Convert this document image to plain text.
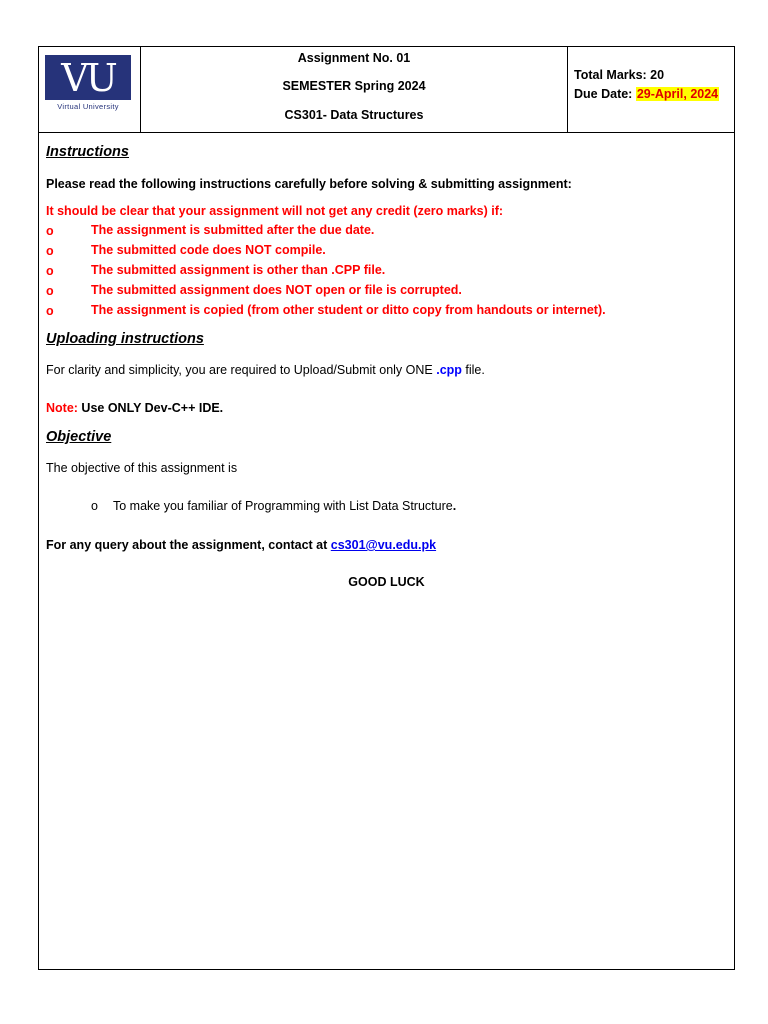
VU
Virtual University
Assignment No. 01
SEMESTER Spring 2024
CS301- Data Structures
Total Marks: 20
Due Date: 29-April, 2024
Instructions
Please read the following instructions carefully before solving & submitting assignment:
It should be clear that your assignment will not get any credit (zero marks) if:
o	The assignment is submitted after the due date.
o	The submitted code does NOT compile.
o	The submitted assignment is other than .CPP file.
o	The submitted assignment does NOT open or file is corrupted.
o	The assignment is copied (from other student or ditto copy from handouts or internet).
Uploading instructions
For clarity and simplicity, you are required to Upload/Submit only ONE .cpp file.
Note: Use ONLY Dev-C++ IDE.
Objective
The objective of this assignment is
o To make you familiar of Programming with List Data Structure.
For any query about the assignment, contact at cs301@vu.edu.pk
GOOD LUCK
